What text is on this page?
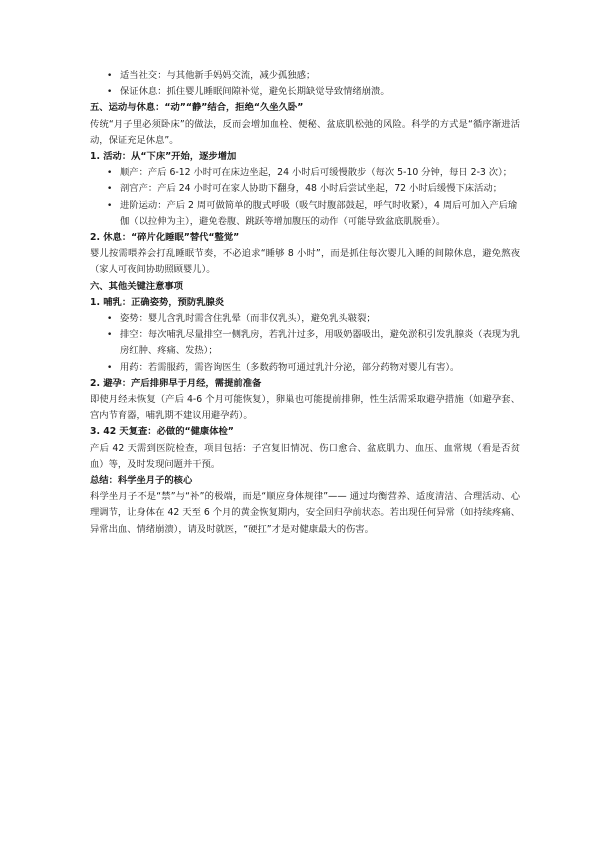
• 适当社交：与其他新手妈妈交流，减少孤独感；
• 保证休息：抓住婴儿睡眠间隙补觉，避免长期缺觉导致情绪崩溃。
五、运动与休息：“动”“静”结合，拒绝“久坐久卧”
传统“月子里必须卧床”的做法，反而会增加血栓、便秘、盆底肌松弛的风险。科学的方式是“循序渐进活动，保证充足休息”。
1. 活动：从“下床”开始，逐步增加
• 顺产：产后 6-12 小时可在床边坐起，24 小时后可缓慢散步（每次 5-10 分钟，每日 2-3 次）；
• 剖宫产：产后 24 小时可在家人协助下翻身，48 小时后尝试坐起，72 小时后缓慢下床活动；
• 进阶运动：产后 2 周可做简单的腹式呼吸（吸气时腹部鼓起，呼气时收紧），4 周后可加入产后瑜伽（以拉伸为主），避免卷腹、跳跃等增加腹压的动作（可能导致盆底肌脱垂）。
2. 休息：“碎片化睡眠”替代“整觉”
婴儿按需喂养会打乱睡眠节奏，不必追求“睡够 8 小时”，而是抓住每次婴儿入睡的间隙休息，避免熬夜（家人可夜间协助照顾婴儿）。
六、其他关键注意事项
1. 哺乳：正确姿势，预防乳腺炎
• 姿势：婴儿含乳时需含住乳晕（而非仅乳头），避免乳头皲裂；
• 排空：每次哺乳尽量排空一侧乳房，若乳汁过多，用吸奶器吸出，避免淤积引发乳腺炎（表现为乳房红肿、疼痛、发热）；
• 用药：若需服药，需咨询医生（多数药物可通过乳汁分泌，部分药物对婴儿有害）。
2. 避孕：产后排卵早于月经，需提前准备
即使月经未恢复（产后 4-6 个月可能恢复），卵巢也可能提前排卵，性生活需采取避孕措施（如避孕套、宫内节育器，哺乳期不建议用避孕药）。
3. 42 天复查：必做的“健康体检”
产后 42 天需到医院检查，项目包括：子宫复旧情况、伤口愈合、盆底肌力、血压、血常规（看是否贫血）等，及时发现问题并干预。
总结：科学坐月子的核心
科学坐月子不是“禁”与“补”的极端，而是“顺应身体规律”—— 通过均衡营养、适度清洁、合理活动、心理调节，让身体在 42 天至 6 个月的黄金恢复期内，安全回归孕前状态。若出现任何异常（如持续疼痛、异常出血、情绪崩溃），请及时就医，“硬扛”才是对健康最大的伤害。
